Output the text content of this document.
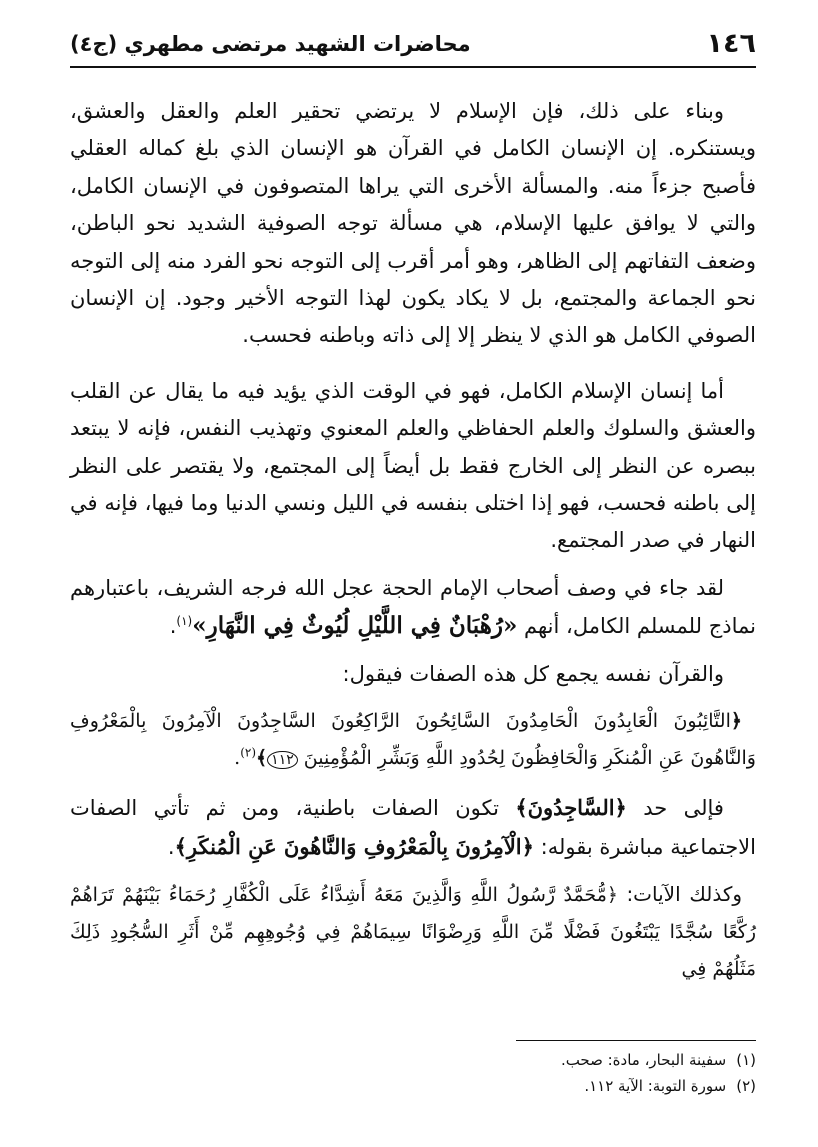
١٤٦
محاضرات الشهيد مرتضى مطهري (ج٤)

وبناء على ذلك، فإن الإسلام لا يرتضي تحقير العلم والعقل والعشق، ويستنكره. إن الإنسان الكامل في القرآن هو الإنسان الذي بلغ كماله العقلي فأصبح جزءاً منه. والمسألة الأخرى التي يراها المتصوفون في الإنسان الكامل، والتي لا يوافق عليها الإسلام، هي مسألة توجه الصوفية الشديد نحو الباطن، وضعف التفاتهم إلى الظاهر، وهو أمر أقرب إلى التوجه نحو الفرد منه إلى التوجه نحو الجماعة والمجتمع، بل لا يكاد يكون لهذا التوجه الأخير وجود. إن الإنسان الصوفي الكامل هو الذي لا ينظر إلا إلى ذاته وباطنه فحسب.

أما إنسان الإسلام الكامل، فهو في الوقت الذي يؤيد فيه ما يقال عن القلب والعشق والسلوك والعلم الحفاظي والعلم المعنوي وتهذيب النفس، فإنه لا يبتعد ببصره عن النظر إلى الخارج فقط بل أيضاً إلى المجتمع، ولا يقتصر على النظر إلى باطنه فحسب، فهو إذا اختلى بنفسه في الليل ونسي الدنيا وما فيها، فإنه في النهار في صدر المجتمع.

لقد جاء في وصف أصحاب الإمام الحجة عجل الله فرجه الشريف، باعتبارهم نماذج للمسلم الكامل، أنهم «رُهْبَانٌ فِي اللَّيْلِ لُيُوثٌ فِي النَّهَارِ»$^{(١)}$.

والقرآن نفسه يجمع كل هذه الصفات فيقول:

﴿التَّائِبُونَ الْعَابِدُونَ الْحَامِدُونَ السَّائِحُونَ الرَّاكِعُونَ السَّاجِدُونَ الْآمِرُونَ بِالْمَعْرُوفِ وَالنَّاهُونَ عَنِ الْمُنكَرِ وَالْحَافِظُونَ لِحُدُودِ اللَّهِ وَبَشِّرِ الْمُؤْمِنِينَ ١١٢﴾$^{(٢)}$.

فإلى حد ﴿السَّاجِدُونَ﴾ تكون الصفات باطنية، ومن ثم تأتي الصفات الاجتماعية مباشرة بقوله: ﴿الْآمِرُونَ بِالْمَعْرُوفِ وَالنَّاهُونَ عَنِ الْمُنكَرِ﴾.

وكذلك الآيات: ﴿مُّحَمَّدٌ رَّسُولُ اللَّهِ وَالَّذِينَ مَعَهُ أَشِدَّاءُ عَلَى الْكُفَّارِ رُحَمَاءُ بَيْنَهُمْ تَرَاهُمْ رُكَّعًا سُجَّدًا يَبْتَغُونَ فَضْلًا مِّنَ اللَّهِ وَرِضْوَانًا سِيمَاهُمْ فِي وُجُوهِهِم مِّنْ أَثَرِ السُّجُودِ ذَلِكَ مَثَلُهُمْ فِي

(١)سفينة البحار، مادة: صحب.

(٢)سورة التوبة: الآية ١١٢.
